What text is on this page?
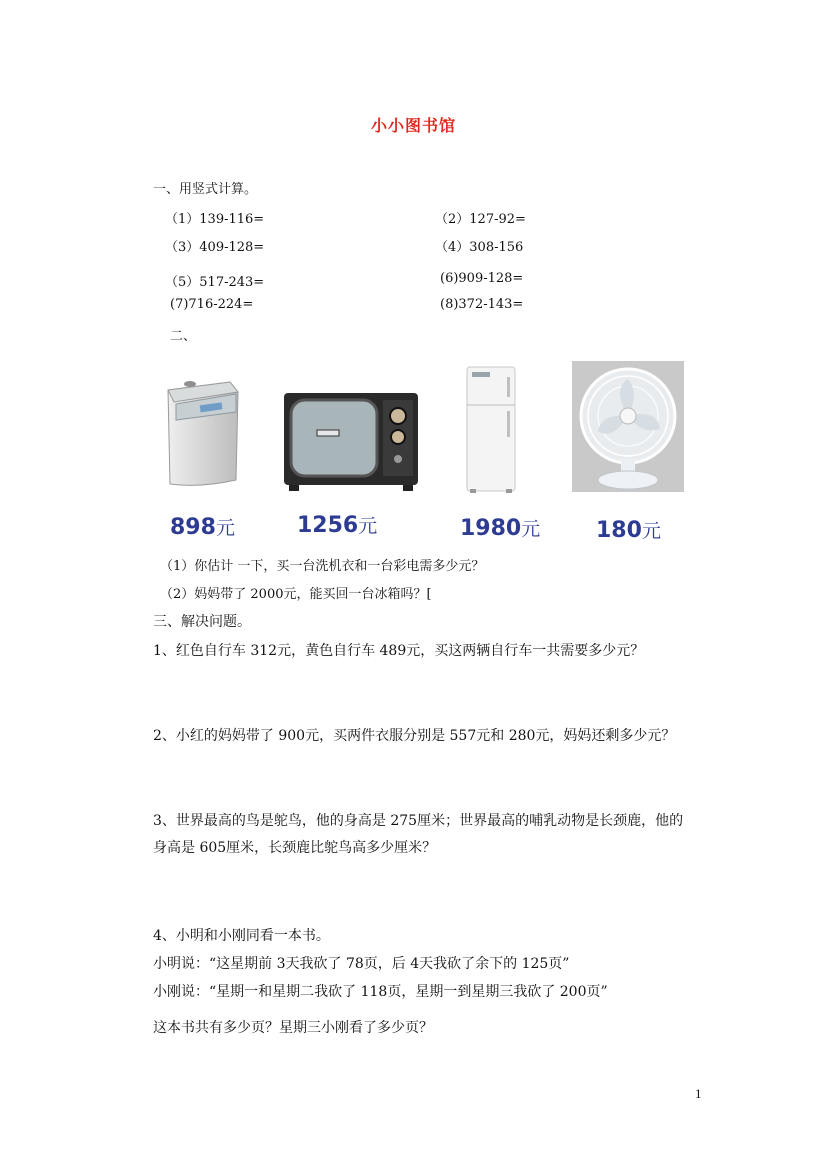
小小图书馆
一、用竖式计算。
（1）139-116=	（2）127-92=
（3）409-128=	（4）308-156
（5）517-243=	(6)909-128=
(7)716-224=	(8)372-143=
二、
898元	1256元	1980元	180元
（1）你估计 一下，买一台洗机衣和一台彩电需多少元？
（2）妈妈带了 2000元，能买回一台冰箱吗？[
三、解决问题。
1、红色自行车 312元，黄色自行车 489元，买这两辆自行车一共需要多少元？
2、小红的妈妈带了 900元，买两件衣服分别是 557元和 280元，妈妈还剩多少元？
3、世界最高的鸟是鸵鸟，他的身高是 275厘米；世界最高的哺乳动物是长颈鹿，他的
身高是 605厘米，长颈鹿比鸵鸟高多少厘米？
4、小明和小刚同看一本书。
小明说：“这星期前 3天我砍了 78页，后 4天我砍了余下的 125页”
小刚说：“星期一和星期二我砍了 118页，星期一到星期三我砍了 200页”
这本书共有多少页？星期三小刚看了多少页？
1
